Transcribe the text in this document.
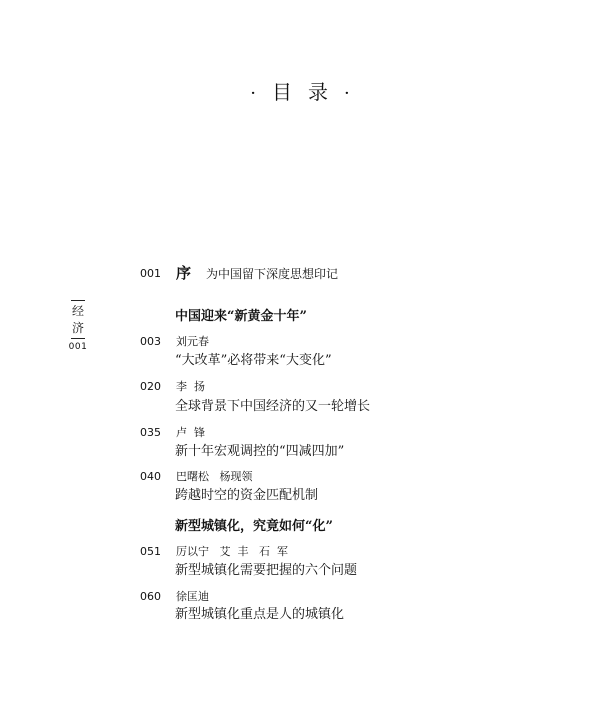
· 目 录 ·
经
济
001
001 序 为中国留下深度思想印记
中国迎来“新黄金十年”
003 刘元春
“大改革”必将带来“大变化”
020 李  扬
全球背景下中国经济的又一轮增长
035 卢  锋
新十年宏观调控的“四减四加”
040 巴曙松   杨现领
跨越时空的资金匹配机制
新型城镇化，究竟如何“化”
051 厉以宁   艾  丰   石  军
新型城镇化需要把握的六个问题
060 徐匡迪
新型城镇化重点是人的城镇化
